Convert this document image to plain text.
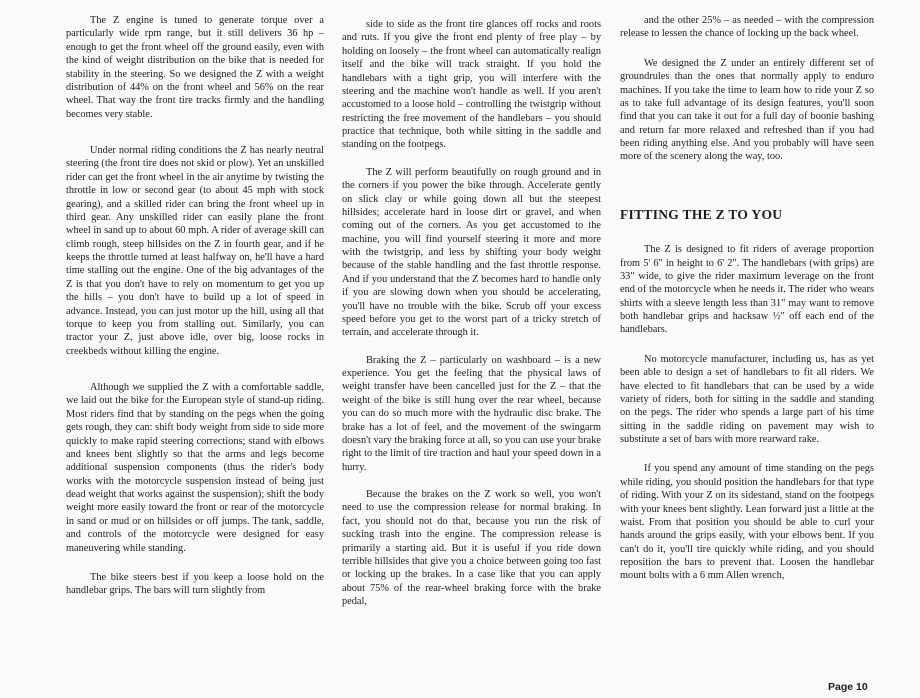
The Z engine is tuned to generate torque over a particularly wide rpm range, but it still delivers 36 hp – enough to get the front wheel off the ground easily, even with the kind of weight distribution on the bike that is needed for stability in the steering. So we designed the Z with a weight distribution of 44% on the front wheel and 56% on the rear wheel. That way the front tire tracks firmly and the handling becomes very stable.

Under normal riding conditions the Z has nearly neutral steering (the front tire does not skid or plow). Yet an unskilled rider can get the front wheel in the air anytime by twisting the throttle in low or second gear (to about 45 mph with stock gearing), and a skilled rider can bring the front wheel up in third gear. Any unskilled rider can easily plane the front wheel in sand up to about 60 mph. A rider of average skill can climb rough, steep hillsides on the Z in fourth gear, and if he keeps the throttle turned at least halfway on, he'll have a hard time stalling out the engine. One of the big advantages of the Z is that you don't have to rely on momentum to get you up the hills – you don't have to build up a lot of speed in advance. Instead, you can just motor up the hill, using all that torque to keep you from stalling out. Similarly, you can tractor your Z, just above idle, over big, loose rocks in creekbeds without killing the engine.

Although we supplied the Z with a comfortable saddle, we laid out the bike for the European style of stand-up riding. Most riders find that by standing on the pegs when the going gets rough, they can: shift body weight from side to side more quickly to make rapid steering corrections; stand with elbows and knees bent slightly so that the arms and legs become additional suspension components (thus the rider's body works with the motorcycle suspension instead of being just dead weight that works against the suspension); shift the body weight more easily toward the front or rear of the motorcycle in sand or mud or on hillsides or off jumps. The tank, saddle, and controls of the motorcycle were designed for easy maneuvering while standing.

The bike steers best if you keep a loose hold on the handlebar grips. The bars will turn slightly from

side to side as the front tire glances off rocks and roots and ruts. If you give the front end plenty of free play – by holding on loosely – the front wheel can automatically realign itself and the bike will track straight. If you hold the handlebars with a tight grip, you will interfere with the steering and the machine won't handle as well. If you aren't accustomed to a loose hold – controlling the twistgrip without restricting the free movement of the handlebars – you should practice that technique, both while sitting in the saddle and standing on the footpegs.

The Z will perform beautifully on rough ground and in the corners if you power the bike through. Accelerate gently on slick clay or while going down all but the steepest hillsides; accelerate hard in loose dirt or gravel, and when coming out of the corners. As you get accustomed to the machine, you will find yourself steering it more and more with the twistgrip, and less by shifting your body weight because of the stable handling and the fast throttle response. And if you understand that the Z becomes hard to handle only if you are slowing down when you should be accelerating, you'll have no trouble with the bike. Scrub off your excess speed before you get to the worst part of a tricky stretch of terrain, and accelerate through it.

Braking the Z – particularly on washboard – is a new experience. You get the feeling that the physical laws of weight transfer have been cancelled just for the Z – that the weight of the bike is still hung over the rear wheel, because you can do so much more with the hydraulic disc brake. The brake has a lot of feel, and the movement of the swingarm doesn't vary the braking force at all, so you can use your brake right to the limit of tire traction and haul your speed down in a hurry.

Because the brakes on the Z work so well, you won't need to use the compression release for normal braking. In fact, you should not do that, because you run the risk of sucking trash into the engine. The compression release is primarily a starting aid. But it is useful if you ride down terrible hillsides that give you a choice between going too fast or locking up the brakes. In a case like that you can apply about 75% of the rear-wheel braking force with the brake pedal,

and the other 25% – as needed – with the compression release to lessen the chance of locking up the back wheel.

We designed the Z under an entirely different set of groundrules than the ones that normally apply to enduro machines. If you take the time to learn how to ride your Z so as to take full advantage of its design features, you'll soon find that you can take it out for a full day of boonie bashing and return far more relaxed and refreshed than if you had been riding anything else. And you probably will have seen more of the scenery along the way, too.

FITTING THE Z TO YOU

The Z is designed to fit riders of average proportion from 5' 6" in height to 6' 2". The handlebars (with grips) are 33" wide, to give the rider maximum leverage on the front end of the motorcycle when he needs it. The rider who wears shirts with a sleeve length less than 31" may want to remove both handlebar grips and hacksaw ½" off each end of the handlebars.

No motorcycle manufacturer, including us, has as yet been able to design a set of handlebars to fit all riders. We have elected to fit handlebars that can be used by a wide variety of riders, both for sitting in the saddle and standing on the pegs. The rider who spends a large part of his time sitting in the saddle riding on pavement may wish to substitute a set of bars with more rearward rake.

If you spend any amount of time standing on the pegs while riding, you should position the handlebars for that type of riding. With your Z on its sidestand, stand on the footpegs with your knees bent slightly. Lean forward just a little at the waist. From that position you should be able to curl your hands around the grips easily, with your elbows bent. If you can't do it, you'll tire quickly while riding, and you should reposition the bars to prevent that. Loosen the handlebar mount bolts with a 6 mm Allen wrench,

Page 10
